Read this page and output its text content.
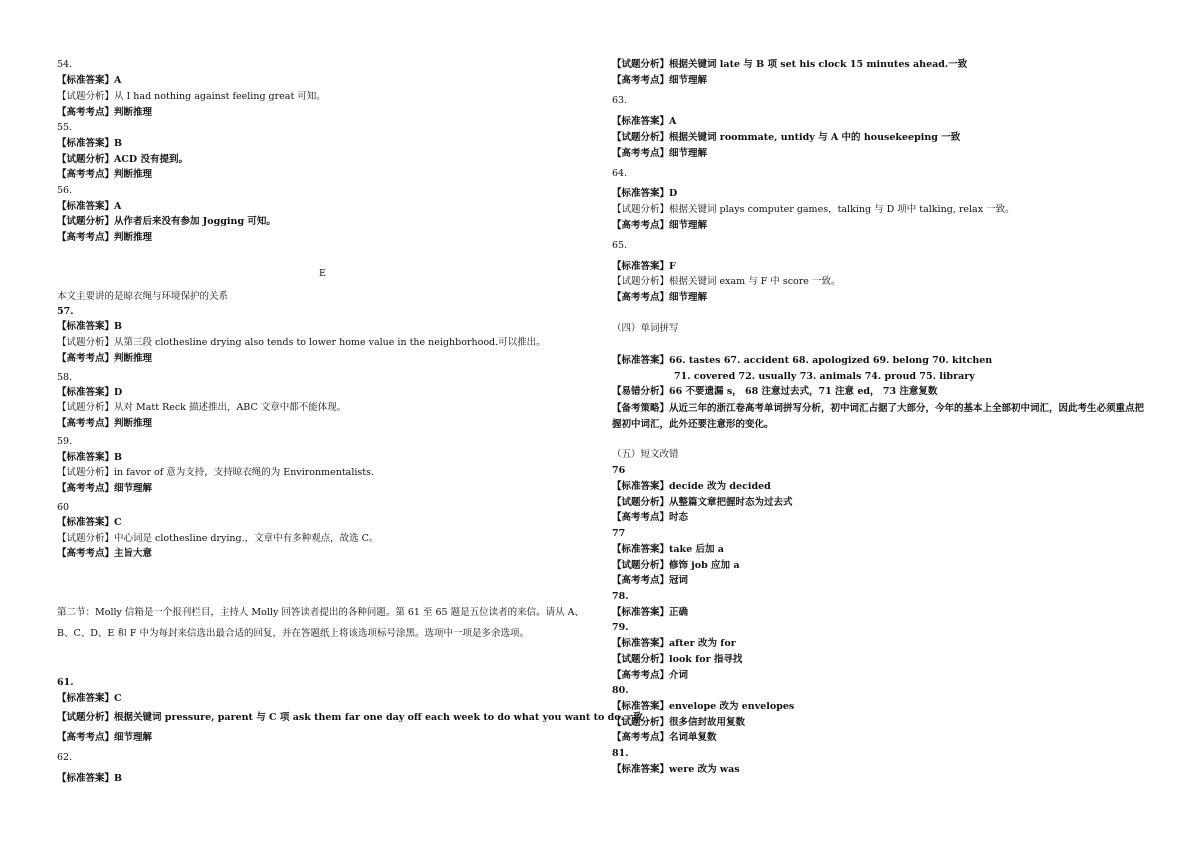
54.
【标准答案】A
【试题分析】从 I had nothing against feeling great 可知。
【高考考点】判断推理
55.
【标准答案】B
【试题分析】ACD 没有提到。
【高考考点】判断推理
56.
【标准答案】A
【试题分析】从作者后来没有参加 Jogging 可知。
【高考考点】判断推理
E
本文主要讲的是晾衣绳与环境保护的关系
57.
【标准答案】B
【试题分析】从第三段 clothesline drying also tends to lower home value in the neighborhood.可以推出。
【高考考点】判断推理
58.
【标准答案】D
【试题分析】从对 Matt Reck 描述推出，ABC 文章中都不能体现。
【高考考点】判断推理
59.
【标准答案】B
【试题分析】in favor of 意为支持，支持晾衣绳的为 Environmentalists.
【高考考点】细节理解
60
【标准答案】C
【试题分析】中心词是 clothesline drying.，文章中有多种观点，故选 C。
【高考考点】主旨大意
第二节：Molly 信箱是一个报刊栏目，主持人 Molly 回答读者提出的各种问题。第 61 至 65 题是五位读者的来信。请从 A、B、C、D、E 和 F 中为每封来信选出最合适的回复，并在答题纸上将该选项标号涂黑。选项中一项是多余选项。
61.
【标准答案】C
【试题分析】根据关键词 pressure, parent 与 C 项 ask them far one day off each week to do what you want to do.一致
【高考考点】细节理解
62.
【标准答案】B
【试题分析】根据关键词 late 与 B 项 set his clock 15 minutes ahead.一致
【高考考点】细节理解
63.
【标准答案】A
【试题分析】根据关键词 roommate, untidy 与 A 中的 housekeeping 一致
【高考考点】细节理解
64.
【标准答案】D
【试题分析】根据关键词 plays computer games，talking 与 D 项中 talking, relax 一致。
【高考考点】细节理解
65.
【标准答案】F
【试题分析】根据关键词 exam 与 F 中 score 一致。
【高考考点】细节理解
（四）单词拼写
【标准答案】66. tastes 67. accident 68. apologized 69. belong 70. kitchen
71. covered 72. usually 73. animals 74. proud 75. library
【易错分析】66 不要遗漏 s， 68 注意过去式，71 注意 ed， 73 注意复数
【备考策略】从近三年的浙江卷高考单词拼写分析，初中词汇占据了大部分，今年的基本上全部初中词汇，因此考生必须重点把握初中词汇，此外还要注意形的变化。
（五）短文改错
76
【标准答案】decide 改为 decided
【试题分析】从整篇文章把握时态为过去式
【高考考点】时态
77
【标准答案】take 后加 a
【试题分析】修饰 job 应加 a
【高考考点】冠词
78.
【标准答案】正确
79.
【标准答案】after 改为 for
【试题分析】look for 指寻找
【高考考点】介词
80.
【标准答案】envelope 改为 envelopes
【试题分析】很多信封故用复数
【高考考点】名词单复数
81.
【标准答案】were 改为 was
